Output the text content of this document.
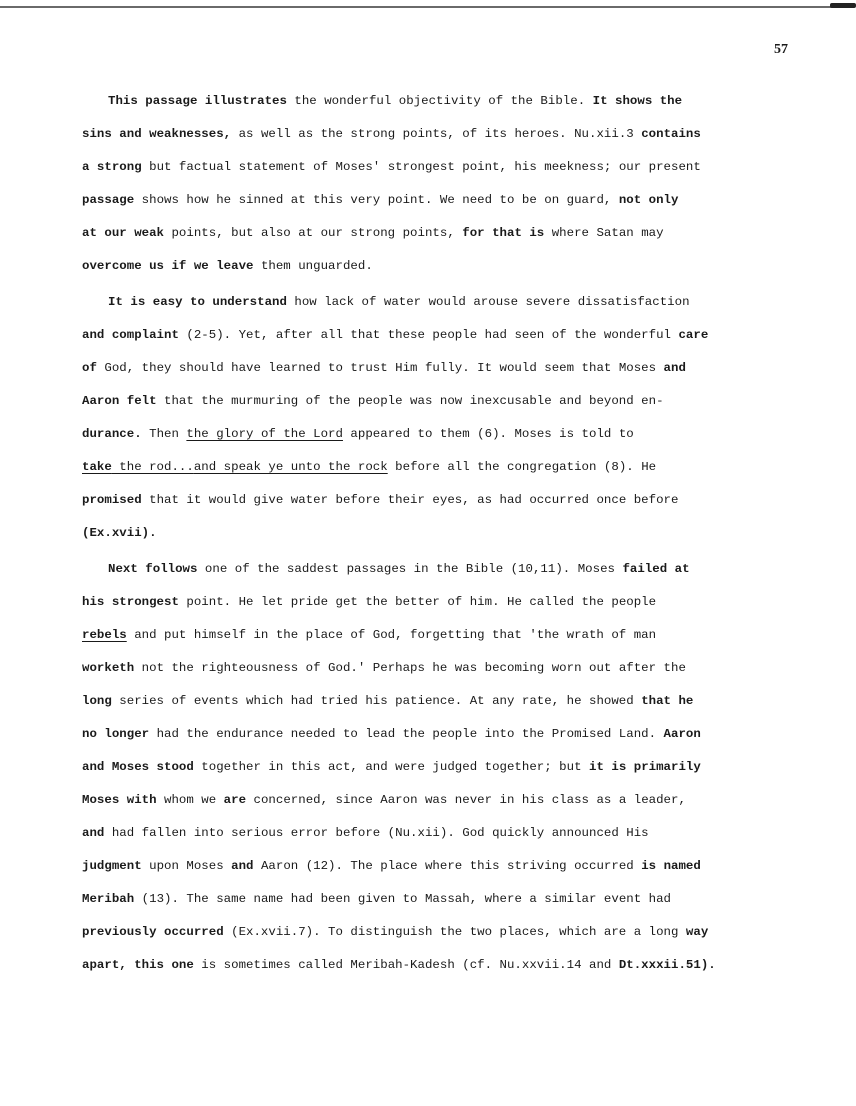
57
This passage illustrates the wonderful objectivity of the Bible. It shows the
sins and weaknesses, as well as the strong points, of its heroes. Nu.xii.3 contains
a strong but factual statement of Moses' strongest point, his meekness; our present
passage shows how he sinned at this very point. We need to be on guard, not only
at our weak points, but also at our strong points, for that is where Satan may
overcome us if we leave them unguarded.
It is easy to understand how lack of water would arouse severe dissatisfaction
and complaint (2-5). Yet, after all that these people had seen of the wonderful care
of God, they should have learned to trust Him fully. It would seem that Moses and
Aaron felt that the murmuring of the people was now inexcusable and beyond en-
durance. Then the glory of the Lord appeared to them (6). Moses is told to
take the rod...and speak ye unto the rock before all the congregation (8). He
promised that it would give water before their eyes, as had occurred once before
(Ex.xvii).
Next follows one of the saddest passages in the Bible (10,11). Moses failed at
his strongest point. He let pride get the better of him. He called the people
rebels and put himself in the place of God, forgetting that 'the wrath of man
worketh not the righteousness of God.' Perhaps he was becoming worn out after the
long series of events which had tried his patience. At any rate, he showed that he
no longer had the endurance needed to lead the people into the Promised Land. Aaron
and Moses stood together in this act, and were judged together; but it is primarily
Moses with whom we are concerned, since Aaron was never in his class as a leader,
and had fallen into serious error before (Nu.xii). God quickly announced His
judgment upon Moses and Aaron (12). The place where this striving occurred is named
Meribah (13). The same name had been given to Massah, where a similar event had
previously occurred (Ex.xvii.7). To distinguish the two places, which are a long way
apart, this one is sometimes called Meribah-Kadesh (cf. Nu.xxvii.14 and Dt.xxxii.51).
